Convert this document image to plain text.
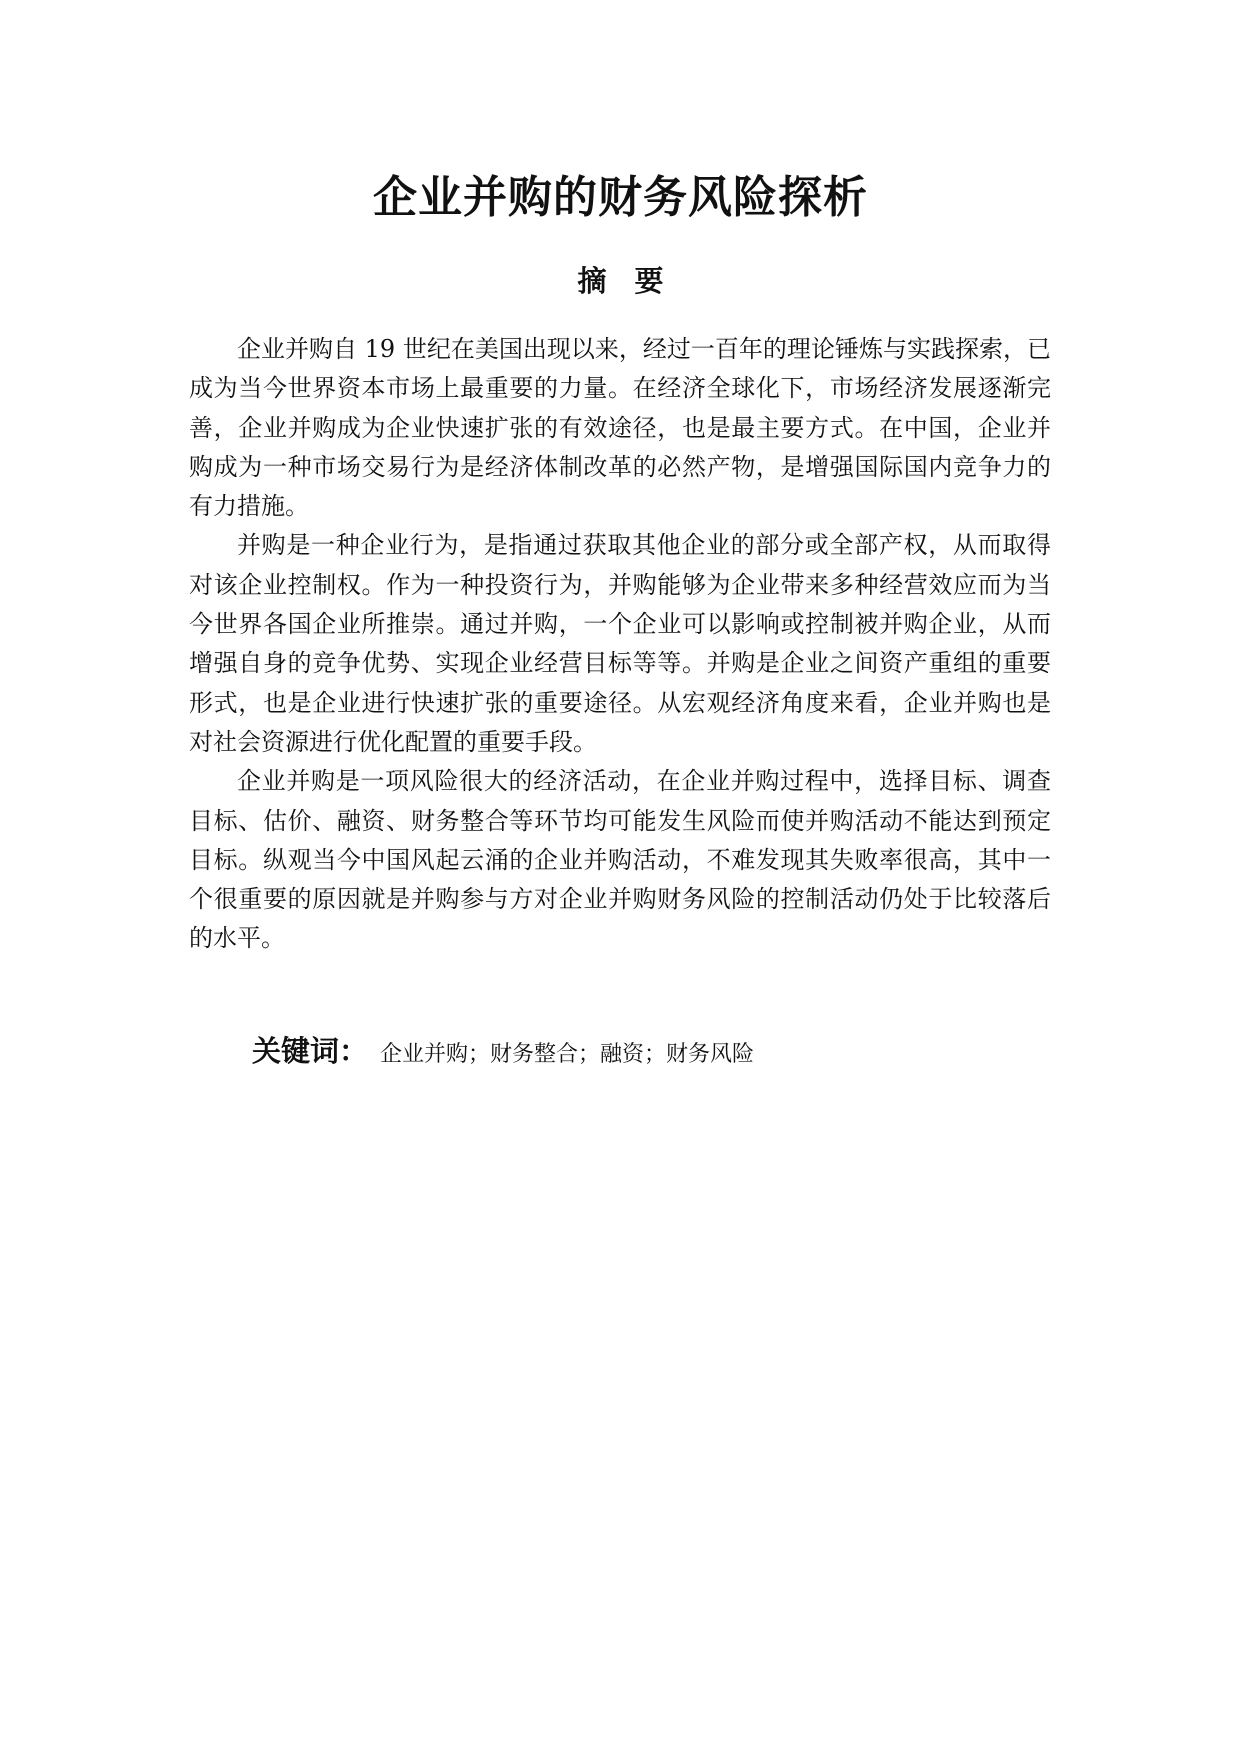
企业并购的财务风险探析
摘 要

企业并购自 19 世纪在美国出现以来，经过一百年的理论锤炼与实践探索，已成为当今世界资本市场上最重要的力量。在经济全球化下，市场经济发展逐渐完善，企业并购成为企业快速扩张的有效途径，也是最主要方式。在中国，企业并购成为一种市场交易行为是经济体制改革的必然产物，是增强国际国内竞争力的有力措施。

并购是一种企业行为，是指通过获取其他企业的部分或全部产权，从而取得对该企业控制权。作为一种投资行为，并购能够为企业带来多种经营效应而为当今世界各国企业所推崇。通过并购，一个企业可以影响或控制被并购企业，从而增强自身的竞争优势、实现企业经营目标等等。并购是企业之间资产重组的重要形式，也是企业进行快速扩张的重要途径。从宏观经济角度来看，企业并购也是对社会资源进行优化配置的重要手段。

企业并购是一项风险很大的经济活动，在企业并购过程中，选择目标、调查目标、估价、融资、财务整合等环节均可能发生风险而使并购活动不能达到预定目标。纵观当今中国风起云涌的企业并购活动，不难发现其失败率很高，其中一个很重要的原因就是并购参与方对企业并购财务风险的控制活动仍处于比较落后的水平。

关键词： 企业并购；财务整合；融资；财务风险
